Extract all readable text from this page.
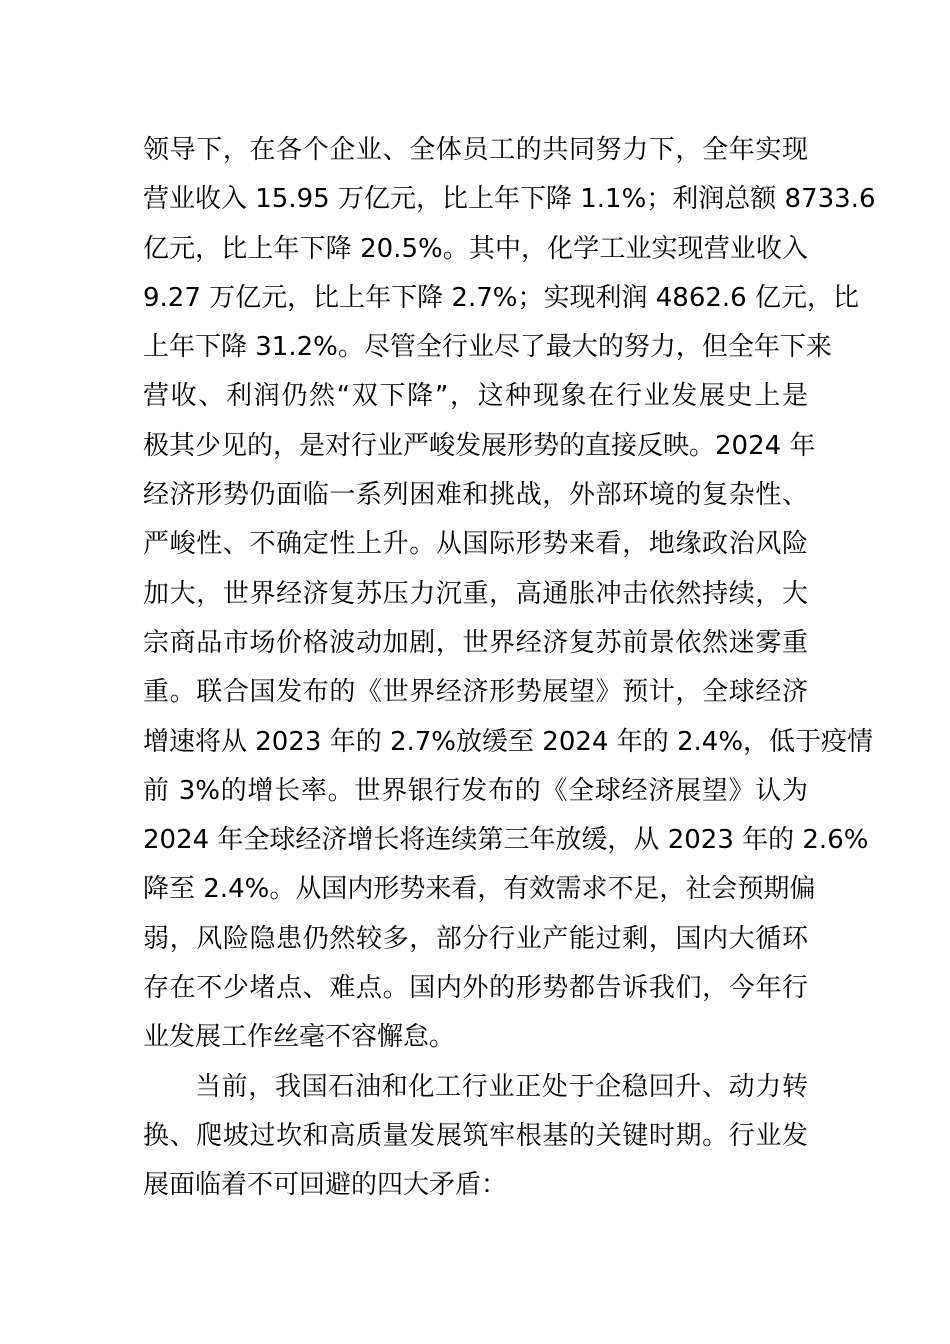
领导下，在各个企业、全体员工的共同努力下，全年实现
营业收入 15.95 万亿元，比上年下降 1.1%；利润总额 8733.6
亿元，比上年下降 20.5%。其中，化学工业实现营业收入
9.27 万亿元，比上年下降 2.7%；实现利润 4862.6 亿元，比
上年下降 31.2%。尽管全行业尽了最大的努力，但全年下来
营收、利润仍然“双下降”，这种现象在行业发展史上是
极其少见的，是对行业严峻发展形势的直接反映。2024 年
经济形势仍面临一系列困难和挑战，外部环境的复杂性、
严峻性、不确定性上升。从国际形势来看，地缘政治风险
加大，世界经济复苏压力沉重，高通胀冲击依然持续，大
宗商品市场价格波动加剧，世界经济复苏前景依然迷雾重
重。联合国发布的《世界经济形势展望》预计，全球经济
增速将从 2023 年的 2.7%放缓至 2024 年的 2.4%，低于疫情
前 3%的增长率。世界银行发布的《全球经济展望》认为
2024 年全球经济增长将连续第三年放缓，从 2023 年的 2.6%
降至 2.4%。从国内形势来看，有效需求不足，社会预期偏
弱，风险隐患仍然较多，部分行业产能过剩，国内大循环
存在不少堵点、难点。国内外的形势都告诉我们，今年行
业发展工作丝毫不容懈怠。
当前，我国石油和化工行业正处于企稳回升、动力转
换、爬坡过坎和高质量发展筑牢根基的关键时期。行业发
展面临着不可回避的四大矛盾：
